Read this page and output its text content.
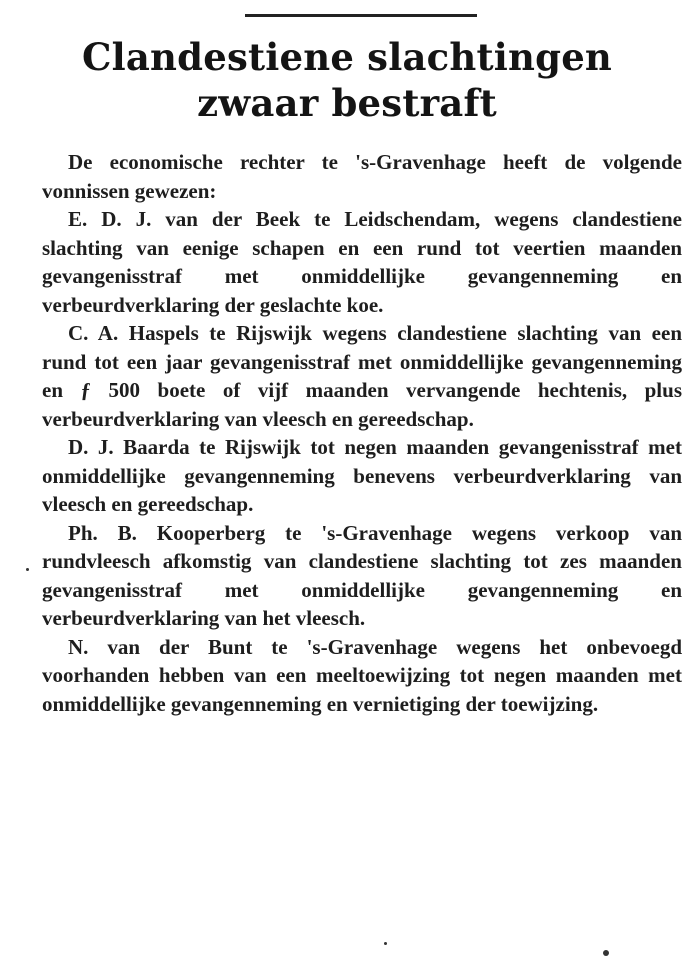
Clandestiene slachtingen
zwaar bestraft

De economische rechter te 's-Gravenhage heeft de volgende vonnissen gewezen:

E. D. J. van der Beek te Leidschendam, wegens clandestiene slachting van eenige schapen en een rund tot veertien maanden gevangenisstraf met onmiddellijke gevangenneming en verbeurdverklaring der geslachte koe.

C. A. Haspels te Rijswijk wegens clandestiene slachting van een rund tot een jaar gevangenisstraf met onmiddellijke gevangenneming en ƒ 500 boete of vijf maanden vervangende hechtenis, plus verbeurdverklaring van vleesch en gereedschap.

D. J. Baarda te Rijswijk tot negen maanden gevangenisstraf met onmiddellijke gevangenneming benevens verbeurdverklaring van vleesch en gereedschap.

Ph. B. Kooperberg te 's-Gravenhage wegens verkoop van rundvleesch afkomstig van clandestiene slachting tot zes maanden gevangenisstraf met onmiddellijke gevangenneming en verbeurdverklaring van het vleesch.

N. van der Bunt te 's-Gravenhage wegens het onbevoegd voorhanden hebben van een meeltoewijzing tot negen maanden met onmiddellijke gevangenneming en vernietiging der toewijzing.
